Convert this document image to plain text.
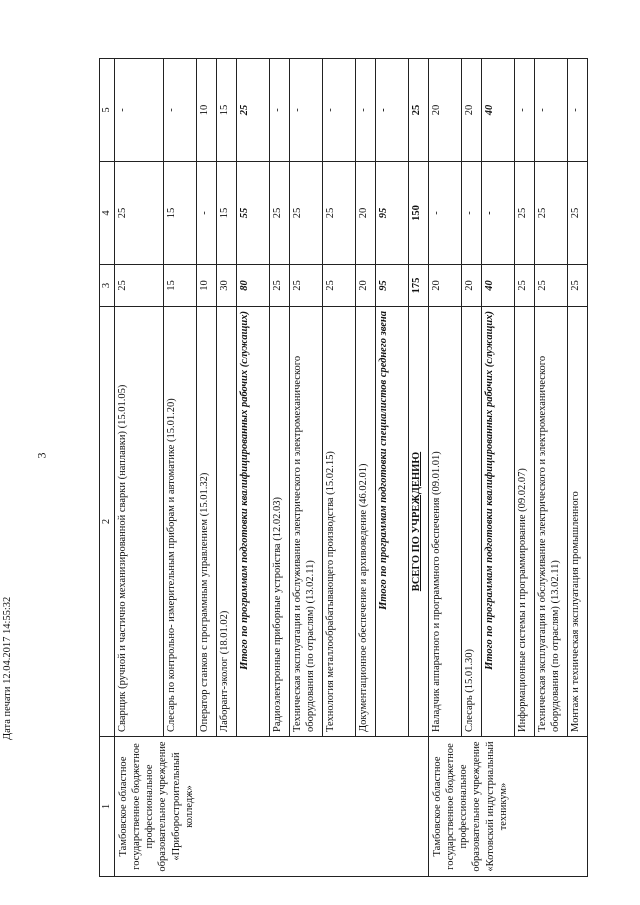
3
Дата печати 12.04.2017 14:55:32
1	2	3	4	5
Тамбовское областное государственное бюджетное профессиональное образовательное учреждение «Приборостроительный колледж»	Сварщик (ручной и частично механизированной сварки (наплавки) (15.01.05)	25	25	-
	Слесарь по контрольно- измерительным приборам и автоматике (15.01.20)	15	15	-
	Оператор станков с программным управлением (15.01.32)	10	-	10
	Лаборант-эколог (18.01.02)	30	15	15
	Итого по программам подготовки квалифицированных рабочих (служащих)	80	55	25
	Радиоэлектронные приборные устройства (12.02.03)	25	25	-
	Техническая эксплуатация и обслуживание электрического и электромеханического оборудования (по отраслям) (13.02.11)	25	25	-
	Технология металлообрабатывающего производства (15.02.15)	25	25	-
	Документационное обеспечение и архивоведение (46.02.01)	20	20	-
	Итого по программам подготовки специалистов среднего звена	95	95	-
	ВСЕГО ПО УЧРЕЖДЕНИЮ	175	150	25
Тамбовское областное государственное бюджетное профессиональное образовательное учреждение «Котовский индустриальный техникум»	Наладчик аппаратного и программного обеспечения (09.01.01)	20	-	20
	Слесарь (15.01.30)	20	-	20
	Итого по программам подготовки квалифицированных рабочих (служащих)	40	-	40
	Информационные системы и программирование (09.02.07)	25	25	-
	Техническая эксплуатация и обслуживание электрического и электромеханического оборудования (по отраслям) (13.02.11)	25	25	-
	Монтаж и техническая эксплуатация промышленного	25	25	-
